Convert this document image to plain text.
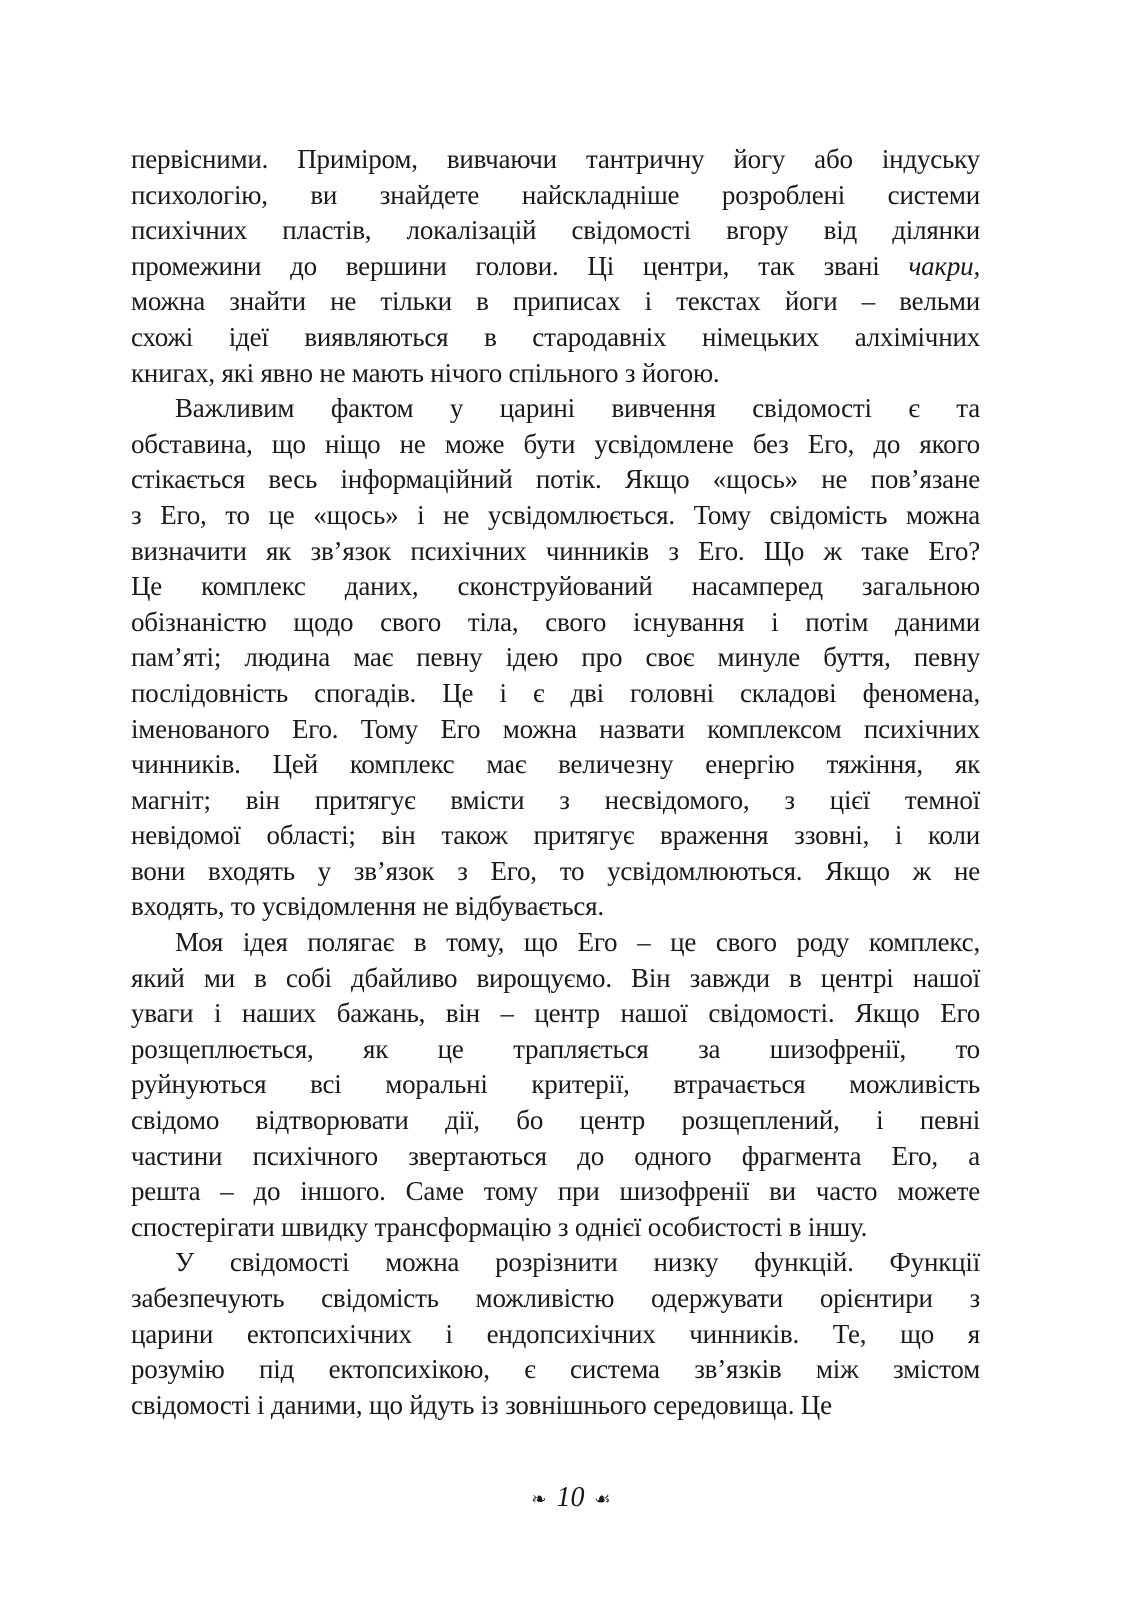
первісними. Приміром, вивчаючи тантричну йогу або індуську
психологію, ви знайдете найскладніше розроблені системи
психічних пластів, локалізацій свідомості вгору від ділянки
промежини до вершини голови. Ці центри, так звані чакри,
можна знайти не тільки в приписах і текстах йоги – вельми
схожі ідеї виявляються в стародавніх німецьких алхімічних
книгах, які явно не мають нічого спільного з йогою.
Важливим фактом у царині вивчення свідомості є та
обставина, що ніщо не може бути усвідомлене без Его, до якого
стікається весь інформаційний потік. Якщо «щось» не пов’язане
з Его, то це «щось» і не усвідомлюється. Тому свідомість можна
визначити як зв’язок психічних чинників з Его. Що ж таке Его?
Це комплекс даних, сконструйований насамперед загальною
обізнаністю щодо свого тіла, свого існування і потім даними
пам’яті; людина має певну ідею про своє минуле буття, певну
послідовність спогадів. Це і є дві головні складові феномена,
іменованого Его. Тому Его можна назвати комплексом психічних
чинників. Цей комплекс має величезну енергію тяжіння, як
магніт; він притягує вмісти з несвідомого, з цієї темної
невідомої області; він також притягує враження ззовні, і коли
вони входять у зв’язок з Его, то усвідомлюються. Якщо ж не
входять, то усвідомлення не відбувається.
Моя ідея полягає в тому, що Его – це свого роду комплекс,
який ми в собі дбайливо вирощуємо. Він завжди в центрі нашої
уваги і наших бажань, він – центр нашої свідомості. Якщо Его
розщеплюється, як це трапляється за шизофренії, то
руйнуються всі моральні критерії, втрачається можливість
свідомо відтворювати дії, бо центр розщеплений, і певні
частини психічного звертаються до одного фрагмента Его, а
решта – до іншого. Саме тому при шизофренії ви часто можете
спостерігати швидку трансформацію з однієї особистості в іншу.
У свідомості можна розрізнити низку функцій. Функції
забезпечують свідомість можливістю одержувати орієнтири з
царини ектопсихічних і ендопсихічних чинників. Те, що я
розумію під ектопсихікою, є система зв’язків між змістом
свідомості і даними, що йдуть із зовнішнього середовища. Це
❧ 10 ☙
